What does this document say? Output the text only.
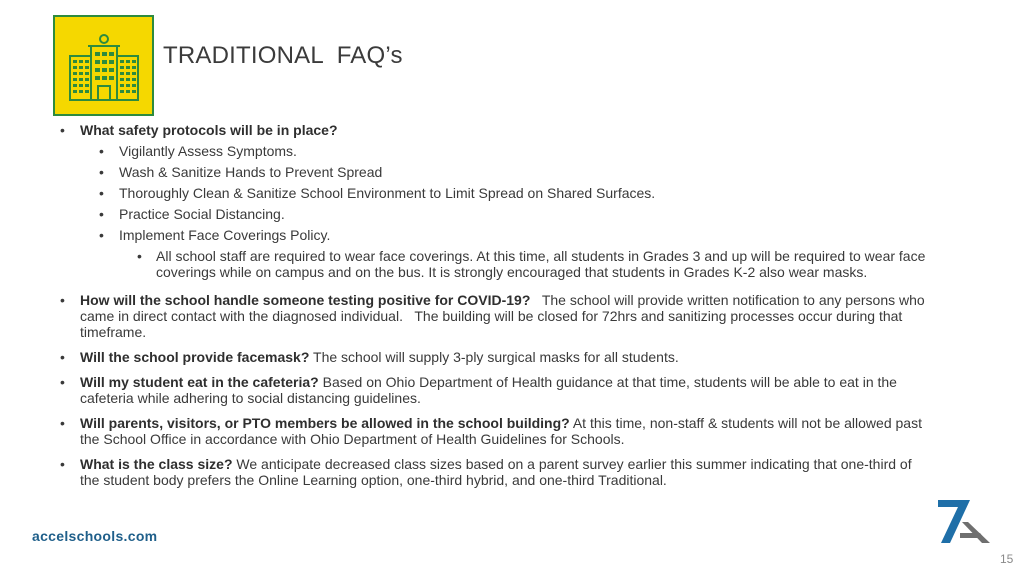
TRADITIONAL  FAQ’s
• What safety protocols will be in place?
• Vigilantly Assess Symptoms.
• Wash & Sanitize Hands to Prevent Spread
• Thoroughly Clean & Sanitize School Environment to Limit Spread on Shared Surfaces.
• Practice Social Distancing.
• Implement Face Coverings Policy.
• All school staff are required to wear face coverings. At this time, all students in Grades 3 and up will be required to wear face coverings while on campus and on the bus. It is strongly encouraged that students in Grades K-2 also wear masks.
• How will the school handle someone testing positive for COVID-19?   The school will provide written notification to any persons who came in direct contact with the diagnosed individual.   The building will be closed for 72hrs and sanitizing processes occur during that timeframe.
• Will the school provide facemask? The school will supply 3-ply surgical masks for all students.
• Will my student eat in the cafeteria? Based on Ohio Department of Health guidance at that time, students will be able to eat in the cafeteria while adhering to social distancing guidelines.
• Will parents, visitors, or PTO members be allowed in the school building? At this time, non-staff & students will not be allowed past the School Office in accordance with Ohio Department of Health Guidelines for Schools.
• What is the class size? We anticipate decreased class sizes based on a parent survey earlier this summer indicating that one-third of the student body prefers the Online Learning option, one-third hybrid, and one-third Traditional.
accelschools.com
15
